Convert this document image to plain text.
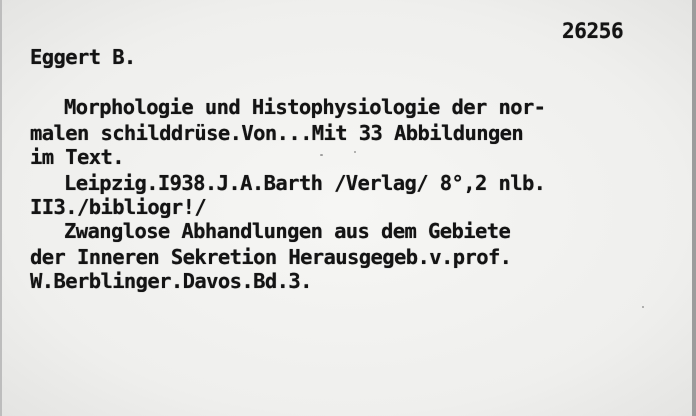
26256
Eggert B.
Morphologie und Histophysiologie der nor-
malen schilddrüse.Von...Mit 33 Abbildungen
im Text.
Leipzig.I938.J.A.Barth /Verlag/ 8°,2 nlb.
II3./bibliogr!/
Zwanglose Abhandlungen aus dem Gebiete
der Inneren Sekretion Herausgegeb.v.prof.
W.Berblinger.Davos.Bd.3.
